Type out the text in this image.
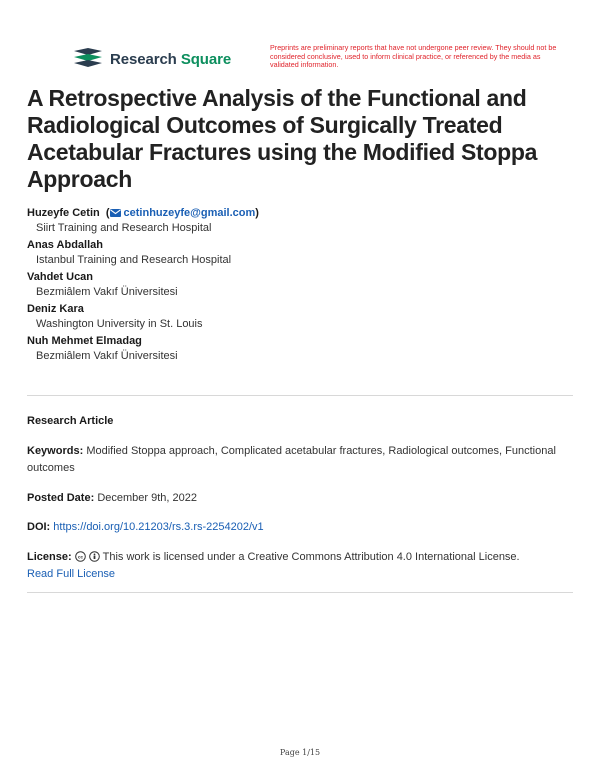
Research Square
Preprints are preliminary reports that have not undergone peer review. They should not be considered conclusive, used to inform clinical practice, or referenced by the media as validated information.
A Retrospective Analysis of the Functional and Radiological Outcomes of Surgically Treated Acetabular Fractures using the Modified Stoppa Approach
Huzeyfe Cetin  ( cetinhuzeyfe@gmail.com)
Siirt Training and Research Hospital
Anas Abdallah
Istanbul Training and Research Hospital
Vahdet Ucan
Bezmiâlem Vakıf Üniversitesi
Deniz Kara
Washington University in St. Louis
Nuh Mehmet Elmadag
Bezmiâlem Vakıf Üniversitesi
Research Article
Keywords: Modified Stoppa approach, Complicated acetabular fractures, Radiological outcomes, Functional outcomes
Posted Date: December 9th, 2022
DOI: https://doi.org/10.21203/rs.3.rs-2254202/v1
License: cc This work is licensed under a Creative Commons Attribution 4.0 International License.
Read Full License
Page 1/15
